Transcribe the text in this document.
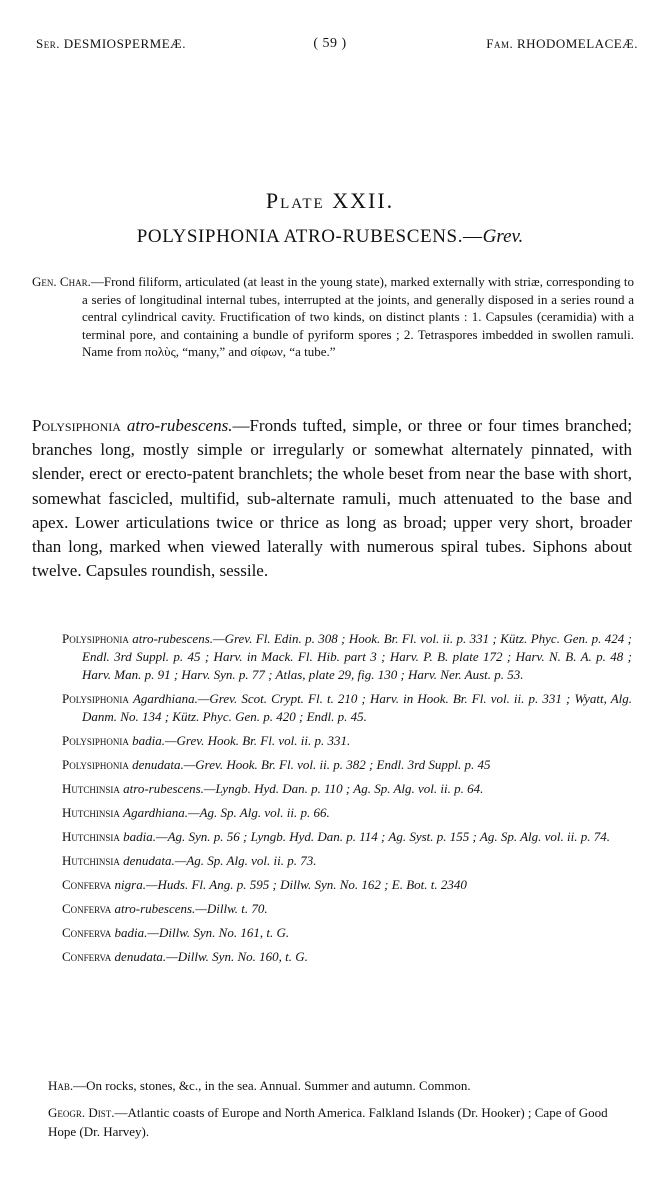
Ser. DESMIOSPERMEÆ.	( 59 )	Fam. RHODOMELACEÆ.
Plate XXII.
POLYSIPHONIA ATRO-RUBESCENS.—Grev.
Gen. Char.—Frond filiform, articulated (at least in the young state), marked externally with striæ, corresponding to a series of longitudinal internal tubes, interrupted at the joints, and generally disposed in a series round a central cylindrical cavity. Fructification of two kinds, on distinct plants : 1. Capsules (ceramidia) with a terminal pore, and containing a bundle of pyriform spores ; 2. Tetraspores imbedded in swollen ramuli. Name from πολὺς, “many,” and σίφων, “a tube.”
Polysiphonia atro-rubescens.—Fronds tufted, simple, or three or four times branched; branches long, mostly simple or irregularly or somewhat alternately pinnated, with slender, erect or erecto-patent branchlets; the whole beset from near the base with short, somewhat fascicled, multifid, sub-alternate ramuli, much attenuated to the base and apex. Lower articulations twice or thrice as long as broad; upper very short, broader than long, marked when viewed laterally with numerous spiral tubes. Siphons about twelve. Capsules roundish, sessile.
Polysiphonia atro-rubescens.—Grev. Fl. Edin. p. 308 ; Hook. Br. Fl. vol. ii. p. 331 ; Kütz. Phyc. Gen. p. 424 ; Endl. 3rd Suppl. p. 45 ; Harv. in Mack. Fl. Hib. part 3 ; Harv. P. B. plate 172 ; Harv. N. B. A. p. 48 ; Harv. Man. p. 91 ; Harv. Syn. p. 77 ; Atlas, plate 29, fig. 130 ; Harv. Ner. Aust. p. 53.
Polysiphonia Agardhiana.—Grev. Scot. Crypt. Fl. t. 210 ; Harv. in Hook. Br. Fl. vol. ii. p. 331 ; Wyatt, Alg. Danm. No. 134 ; Kütz. Phyc. Gen. p. 420 ; Endl. p. 45.
Polysiphonia badia.—Grev. Hook. Br. Fl. vol. ii. p. 331.
Polysiphonia denudata.—Grev. Hook. Br. Fl. vol. ii. p. 382 ; Endl. 3rd Suppl. p. 45
Hutchinsia atro-rubescens.—Lyngb. Hyd. Dan. p. 110 ; Ag. Sp. Alg. vol. ii. p. 64.
Hutchinsia Agardhiana.—Ag. Sp. Alg. vol. ii. p. 66.
Hutchinsia badia.—Ag. Syn. p. 56 ; Lyngb. Hyd. Dan. p. 114 ; Ag. Syst. p. 155 ; Ag. Sp. Alg. vol. ii. p. 74.
Hutchinsia denudata.—Ag. Sp. Alg. vol. ii. p. 73.
Conferva nigra.—Huds. Fl. Ang. p. 595 ; Dillw. Syn. No. 162 ; E. Bot. t. 2340
Conferva atro-rubescens.—Dillw. t. 70.
Conferva badia.—Dillw. Syn. No. 161, t. G.
Conferva denudata.—Dillw. Syn. No. 160, t. G.
Hab.—On rocks, stones, &c., in the sea. Annual. Summer and autumn. Common.
Geogr. Dist.—Atlantic coasts of Europe and North America. Falkland Islands (Dr. Hooker) ; Cape of Good Hope (Dr. Harvey).
